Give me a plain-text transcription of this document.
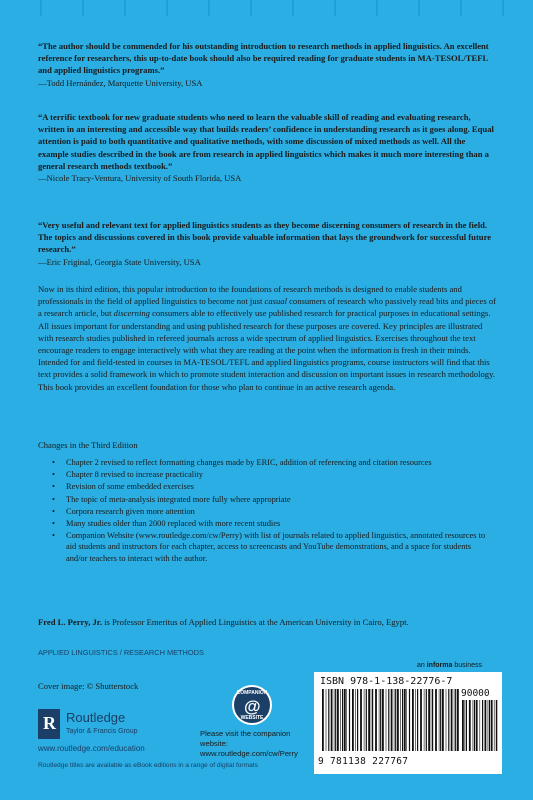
“The author should be commended for his outstanding introduction to research methods in applied linguistics. An excellent reference for researchers, this up-to-date book should also be required reading for graduate students in MA-TESOL/TEFL and applied linguistics programs.”
—Todd Hernández, Marquette University, USA

“A terrific textbook for new graduate students who need to learn the valuable skill of reading and evaluating research, written in an interesting and accessible way that builds readers’ confidence in understanding research as it goes along. Equal attention is paid to both quantitative and qualitative methods, with some discussion of mixed methods as well. All the example studies described in the book are from research in applied linguistics which makes it much more interesting than a general research methods textbook.”
—Nicole Tracy-Ventura, University of South Florida, USA

“Very useful and relevant text for applied linguistics students as they become discerning consumers of research in the field. The topics and discussions covered in this book provide valuable information that lays the groundwork for successful future research.”
—Eric Friginal, Georgia State University, USA

Now in its third edition, this popular introduction to the foundations of research methods is designed to enable students and professionals in the field of applied linguistics to become not just casual consumers of research who passively read bits and pieces of a research article, but discerning consumers able to effectively use published research for practical purposes in educational settings. All issues important for understanding and using published research for these purposes are covered. Key principles are illustrated with research studies published in refereed journals across a wide spectrum of applied linguistics. Exercises throughout the text encourage readers to engage interactively with what they are reading at the point when the information is fresh in their minds. Intended for and field-tested in courses in MA-TESOL/TEFL and applied linguistics programs, course instructors will find that this text provides a solid framework in which to promote student interaction and discussion on important issues in research methodology. This book provides an excellent foundation for those who plan to continue in an active research agenda.

Changes in the Third Edition

• Chapter 2 revised to reflect formatting changes made by ERIC, addition of referencing and citation resources
• Chapter 8 revised to increase practicality
• Revision of some embedded exercises
• The topic of meta-analysis integrated more fully where appropriate
• Corpora research given more attention
• Many studies older than 2000 replaced with more recent studies
• Companion Website (www.routledge.com/cw/Perry) with list of journals related to applied linguistics, annotated resources to aid students and instructors for each chapter, access to screencasts and YouTube demonstrations, and a space for students and/or teachers to interact with the author.

Fred L. Perry, Jr. is Professor Emeritus of Applied Linguistics at the American University in Cairo, Egypt.

APPLIED LINGUISTICS / RESEARCH METHODS
an informa business
Cover image: © Shutterstock
R
Routledge
Taylor & Francis Group
www.routledge.com/education
Routledge titles are available as eBook editions in a range of digital formats
COMPANION
@
WEBSITE
Please visit the companion website:
www.routledge.com/cw/Perry
ISBN 978-1-138-22776-7
90000
9 781138 227767
